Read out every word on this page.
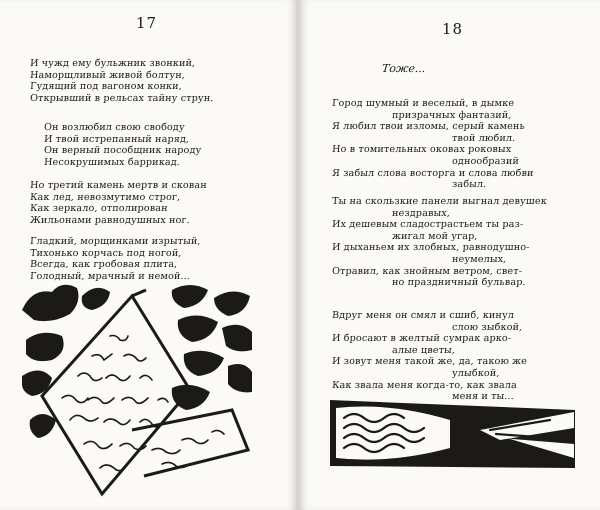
17
И чужд ему бульжник звонкий,
Наморщливый живой болтун,
Гудящий под вагоном конки,
Открывший в рельсах тайну струн.
Он возлюбил свою свободу
И твой истрепанный наряд,
Он верный пособщник народу
Несокрушимых баррикад.
Но третий камень мертв и скован
Как лед, невозмутимо строг,
Как зеркало, отполирован
Жильонами равнодушных ног.
Гладкий, морщинками изрытый,
Тихонько корчась под ногой,
Всегда, как гробовая плита,
Голодный, мрачный и немой...
18
Тоже...
Город шумный и веселый, в дымке
призрачных фантазий,
Я любил твои изломы, серый камень
твой любил.
Но в томительных оковах роковых
однообразий
Я забыл слова восторга и слова любви
забыл.
Ты на скользкие панели выгнал девушек
нездравых,
Их дешевым сладострастьем ты раз-
жигал мой угар,
И дыханьем их злобных, равнодушно-
неумелых,
Отравил, как знойным ветром, свет-
но праздничный бульвар.
Вдруг меня он смял и сшиб, кинул
слою зыбкой,
И бросают в желтый сумрак арко-
алые цветы,
И зовут меня такой же, да, такою же
улыбкой,
Как звала меня когда-то, как звала
меня и ты...
